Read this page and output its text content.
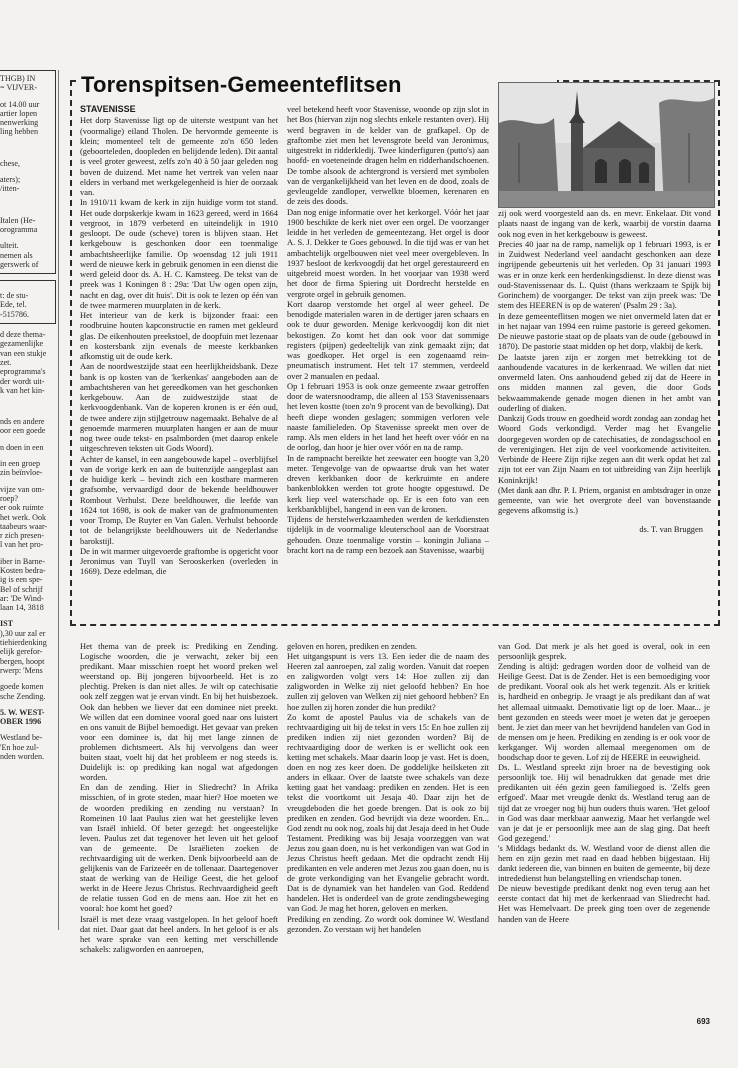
THGB) IN
= VIJVER-
ot 14.00 uur
artier lopen
nenwerking
ling hebben
chese,
aters);
/itten-
Italen (He-
orogramma
ulteit.
nemen als
gerswerk of
t: de stu-
Ede, tel.
-515786.
d deze thema-
gezamenlijke
van een stukje
zet.
eprogramma's
der wordt uit-
k van het kin-
nds en andere
oor een goede
n doen in een
in een groep
zin beïnvloe-
vijze van om-
roep?
er ook ruimte
het werk. Ook
taabeurs waar-
r zich presen-
l van het pro-
iber in Barne-
Kosten bedra-
ig is een spe-
Bel of schrijf
ar: 'De Wind-
laan 14, 3818
IST
),30 uur zal er
tiehierdenking
elijk gerefor-
bergen, hoopt
rwerp: 'Mens
goede komen
sche Zending.
5. W. WEST-
OBER 1996
Westland be-
'En hoe zul-
nden worden.
Torenspitsen-Gemeenteflitsen

STAVENISSE

Het dorp Stavenisse ligt op de uiterste westpunt van het (voormalige) eiland Tholen. De hervormde gemeente is klein; momenteel telt de gemeente zo'n 650 leden (geboorteleden, doopleden en belijdende leden). Dit aantal is veel groter geweest, zelfs zo'n 40 à 50 jaar geleden nog boven de duizend. Met name het vertrek van velen naar elders in verband met werkgelegenheid is hier de oorzaak van.

In 1910/11 kwam de kerk in zijn huidige vorm tot stand. Het oude dorpskerkje kwam in 1623 gereed, werd in 1664 vergroot, in 1879 verbeterd en uiteindelijk in 1910 gesloopt. De oude (scheve) toren is blijven staan. Het kerkgebouw is geschonken door een toenmalige ambachtsheerlijke familie. Op woensdag 12 juli 1911 werd de nieuwe kerk in gebruik genomen in een dienst die werd geleid door ds. A. H. C. Kamsteeg. De tekst van de preek was 1 Koningen 8 : 29a: 'Dat Uw ogen open zijn, nacht en dag, over dit huis'. Dit is ook te lezen op één van de twee marmeren muurplaten in de kerk.

Het interieur van de kerk is bijzonder fraai: een roodbruine houten kapconstructie en ramen met gekleurd glas. De eikenhouten preekstoel, de doopfuin met lezenaar en kostersbank zijn evenals de meeste kerkbanken afkomstig uit de oude kerk.

Aan de noordwestzijde staat een heerlijkheidsbank. Deze bank is op kosten van de 'kerkenkas' aangeboden aan de ambachtsheren van het gereedkomen van het geschonken kerkgebouw. Aan de zuidwestzijde staat de kerkvoogdenbank. Van de koperen kronen is er één oud, de twee andere zijn stijlgetrouw nagemaakt. Behalve de al genoemde marmeren muurplaten hangen er aan de muur nog twee oude tekst- en psalmborden (met daarop enkele uitgeschreven teksten uit Gods Woord).

Achter de kansel, in een aangebouwde kapel – overblijfsel van de vorige kerk en aan de buitenzijde aangeplast aan de huidige kerk – bevindt zich een kostbare marmeren grafsombe, vervaardigd door de bekende beeldhouwer Rombout Verhulst. Deze beeldhouwer, die leefde van 1624 tot 1698, is ook de maker van de grafmonumenten voor Tromp, De Ruyter en Van Galen. Verhulst behoorde tot de belangrijkste beeldhouwers uit de Nederlandse barokstijl.

De in wit marmer uitgevoerde graftombe is opgericht voor Jeronimus van Tuyll van Serooskerken (overleden in 1669). Deze edelman, die

veel betekend heeft voor Stavenisse, woonde op zijn slot in het Bos (hiervan zijn nog slechts enkele restanten over). Hij werd begraven in de kelder van de grafkapel. Op de graftombe ziet men het levensgrote beeld van Jeronimus, uitgestrekt in ridderkledij. Twee kinderfiguren (putto's) aan hoofd- en voeteneinde dragen helm en ridderhandschoenen. De tombe alsook de achtergrond is versierd met symbolen van de vergankelijkheid van het leven en de dood, zoals de gevleugelde zandloper, verwelkte bloemen, kerenaren en de zeis des doods.

Dan nog enige informatie over het kerkorgel. Vóór het jaar 1900 beschikte de kerk niet over een orgel. De voorzanger leidde in het verleden de gemeentezang. Het orgel is door A. S. J. Dekker te Goes gebouwd. In die tijd was er van het ambachtelijk orgelbouwen niet veel meer overgebleven. In 1937 besloot de kerkvoogdij dat het orgel gerestaureerd en uitgebreid moest worden. In het voorjaar van 1938 werd het door de firma Spiering uit Dordrecht herstelde en vergrote orgel in gebruik genomen.

Kort daarop verstomde het orgel al weer geheel. De benodigde materialen waren in de dertiger jaren schaars en ook te duur geworden. Menige kerkvoogdij kon dit niet bekostigen. Zo komt het dan ook voor dat sommige registers (pijpen) gedeeltelijk van zink gemaakt zijn; dat was goedkoper. Het orgel is een zogenaamd rein-pneumatisch instrument. Het telt 17 stemmen, verdeeld over 2 manualen en pedaal.

Op 1 februari 1953 is ook onze gemeente zwaar getroffen door de watersnoodramp, die alleen al 153 Stavenissenaars het leven kostte (toen zo'n 9 procent van de bevolking). Dat heeft diepe wonden geslagen; sommigen verloren vele naaste familieleden. Op Stavenisse spreekt men over de ramp. Als men elders in het land het heeft over vóór en na de oorlog, dan hoor je hier over vóór en na de ramp.

In de rampnacht bereikte het zeewater een hoogte van 3,20 meter. Tengevolge van de opwaartse druk van het water dreven kerkbanken door de kerkruimte en andere bankenblokken werden tot grote hoogte opgestuwd. De kerk liep veel waterschade op. Er is een foto van een kerkbankblijbel, hangend in een van de kronen.

Tijdens de herstelwerkzaamheden werden de kerkdiensten tijdelijk in de voormalige kleuterschool aan de Voorstraat gehouden. Onze toenmalige vorstin – koningin Juliana – bracht kort na de ramp een bezoek aan Stavenisse, waarbij

zij ook werd voorgesteld aan ds. en mevr. Enkelaar. Dit vond plaats naast de ingang van de kerk, waarbij de vorstin daarna ook nog even in het kerkgebouw is geweest.

Precies 40 jaar na de ramp, namelijk op 1 februari 1993, is er in Zuidwest Nederland veel aandacht geschonken aan deze ingrijpende gebeurtenis uit het verleden. Op 31 januari 1993 was er in onze kerk een herdenkingsdienst. In deze dienst was oud-Stavenissenaar ds. L. Quist (thans werkzaam te Spijk bij Gorinchem) de voorganger. De tekst van zijn preek was: 'De stem des HEEREN is op de wateren' (Psalm 29 : 3a).

In deze gemeenteflitsen mogen we niet onvermeld laten dat er in het najaar van 1994 een ruime pastorie is gereed gekomen. De nieuwe pastorie staat op de plaats van de oude (gebouwd in 1870). De pastorie staat midden op het dorp, vlakbij de kerk.

De laatste jaren zijn er zorgen met betrekking tot de aanhoudende vacatures in de kerkenraad. We willen dat niet onvermeld laten. Ons aanhoudend gebed zij dat de Heere in ons midden mannen zal geven, die door Gods bekwaammakende genade mogen dienen in het ambt van ouderling of diaken.

Dankzij Gods trouw en goedheid wordt zondag aan zondag het Woord Gods verkondigd. Verder mag het Evangelie doorgegeven worden op de catechisaties, de zondagsschool en de verenigingen. Het zijn de veel voorkomende activiteiten. Verbinde de Heere Zijn rijke zegen aan dit werk opdat het zal zijn tot eer van Zijn Naam en tot uitbreiding van Zijn heerlijk Koninkrijk!

(Met dank aan dhr. P. I. Priem, organist en ambtsdrager in onze gemeente, van wie het overgrote deel van bovenstaande gegevens afkomstig is.)

ds. T. van Bruggen

Het thema van de preek is: Prediking en Zending. Logische woorden, die je verwacht, zeker bij een predikant. Maar misschien roept het woord preken wel weerstand op. Bij jongeren bijvoorbeeld. Het is zo plechtig. Preken is dan niet alles. Je wilt op catechisatie ook zelf zeggen wat je ervan vindt. En bij het huisbezoek. Ook dan hebben we liever dat een dominee niet preekt. We willen dat een dominee vooral goed naar ons luistert en ons vanuit de Bijbel bemoedigt. Het gevaar van preken voor een dominee is, dat hij met lange zinnen de problemen dichtsmeert. Als hij vervolgens dan weer buiten staat, voelt hij dat het probleem er nog steeds is. Duidelijk is: op prediking kan nogal wat afgedongen worden.

En dan de zending. Hier in Sliedrecht? In Afrika misschien, of in grote steden, maar hier? Hoe moeten we de woorden prediking en zending nu verstaan? In Romeinen 10 laat Paulus zien wat het geestelijke leven van Israël inhield. Of beter gezegd: het ongeestelijke leven. Paulus zet dat tegenover het leven uit het geloof van de gemeente. De Israëlieten zoeken de rechtvaardiging uit de werken. Denk bijvoorbeeld aan de gelijkenis van de Farizeeër en de tollenaar. Daartegenover staat de werking van de Heilige Geest, die het geloof werkt in de Heere Jezus Christus. Rechtvaardigheid geeft de relatie tussen God en de mens aan. Hoe zit het en vooral: hoe komt het goed?

Israël is met deze vraag vastgelopen. In het geloof hoeft dat niet. Daar gaat dat heel anders. In het geloof is er als het ware sprake van een ketting met verschillende schakels: zaligworden en aanroepen,

geloven en horen, prediken en zenden.

Het uitgangspunt is vers 13. Een ieder die de naam des Heeren zal aanroepen, zal zalig worden. Vanuit dat roepen en zaligworden volgt vers 14: Hoe zullen zij dan zaligworden in Welke zij niet geloofd hebben? En hoe zullen zij geloven van Welken zij niet gehoord hebben? En hoe zullen zij horen zonder die hun predikt?

Zo komt de apostel Paulus via de schakels van de rechtvaardiging uit bij de tekst in vers 15: En hoe zullen zij prediken indien zij niet gezonden worden? Bij de rechtvaardiging door de werken is er wellicht ook een ketting met schakels. Maar daarin loop je vast. Het is doen, doen en nog zes keer doen. De goddelijke heilsketen zit anders in elkaar. Over de laatste twee schakels van deze ketting gaat het vandaag: prediken en zenden. Het is een tekst die voortkomt uit Jesaja 40. Daar zijn het de vreugdeboden die het goede brengen. Dat is ook zo bij prediken en zenden. God bevrijdt via deze woorden. En... God zendt nu ook nog, zoals hij dat Jesaja deed in het Oude Testament. Prediking was bij Jesaja voorzeggen van wat Jezus zou gaan doen, nu is het verkondigen van wat God in Jezus Christus heeft gedaan. Met die opdracht zendt Hij predikanten en vele anderen met Jezus zou gaan doen, nu is de grote verkondiging van het Evangelie gebracht wordt. Dat is de dynamiek van het handelen van God. Reddend handelen. Het is onderdeel van de grote zendingsbeweging van God. Je mag het horen, geloven en merken.

Prediking en zending. Zo wordt ook dominee W. Westland gezonden. Zo verstaan wij het handelen

van God. Dat merk je als het goed is overal, ook in een persoonlijk gesprek.

Zending is altijd: gedragen worden door de volheid van de Heilige Geest. Dat is de Zender. Het is een bemoediging voor de predikant. Vooral ook als het werk tegenzit. Als er kritiek is, hardheid en onbegrip. Je vraagt je als predikant dan af wat het allemaal uitmaakt. Demotivatie ligt op de loer. Maar... je bent gezonden en steeds weer moet je weten dat je geroepen bent. Je ziet dan meer van het bevrijdend handelen van God in de mensen om je heen. Prediking en zending is er ook voor de kerkganger. Wij worden allemaal meegenomen om de boodschap door te geven. Lof zij de HEERE in eeuwigheid.

Ds. L. Westland spreekt zijn broer na de bevestiging ook persoonlijk toe. Hij wil benadrukken dat genade met drie predikanten uit één gezin geen familiegoed is. 'Zelfs geen erfgoed'. Maar met vreugde denkt ds. Westland terug aan de tijd dat ze vroeger nog bij hun ouders thuis waren. 'Het geloof in God was daar merkbaar aanwezig. Maar het verlangde wel van je dat je er persoonlijk mee aan de slag ging. Dat heeft God gezegend.'

's Middags bedankt ds. W. Westland voor de dienst allen die hem en zijn gezin met raad en daad hebben bijgestaan. Hij dankt iedereen die, van binnen en buiten de gemeente, bij deze intrededienst hun belangstelling en vriendschap tonen.

De nieuw bevestigde predikant denkt nog even terug aan het eerste contact dat hij met de kerkenraad van Sliedrecht had. Het was Hemelvaart. De preek ging toen over de zegenende handen van de Heere

693
